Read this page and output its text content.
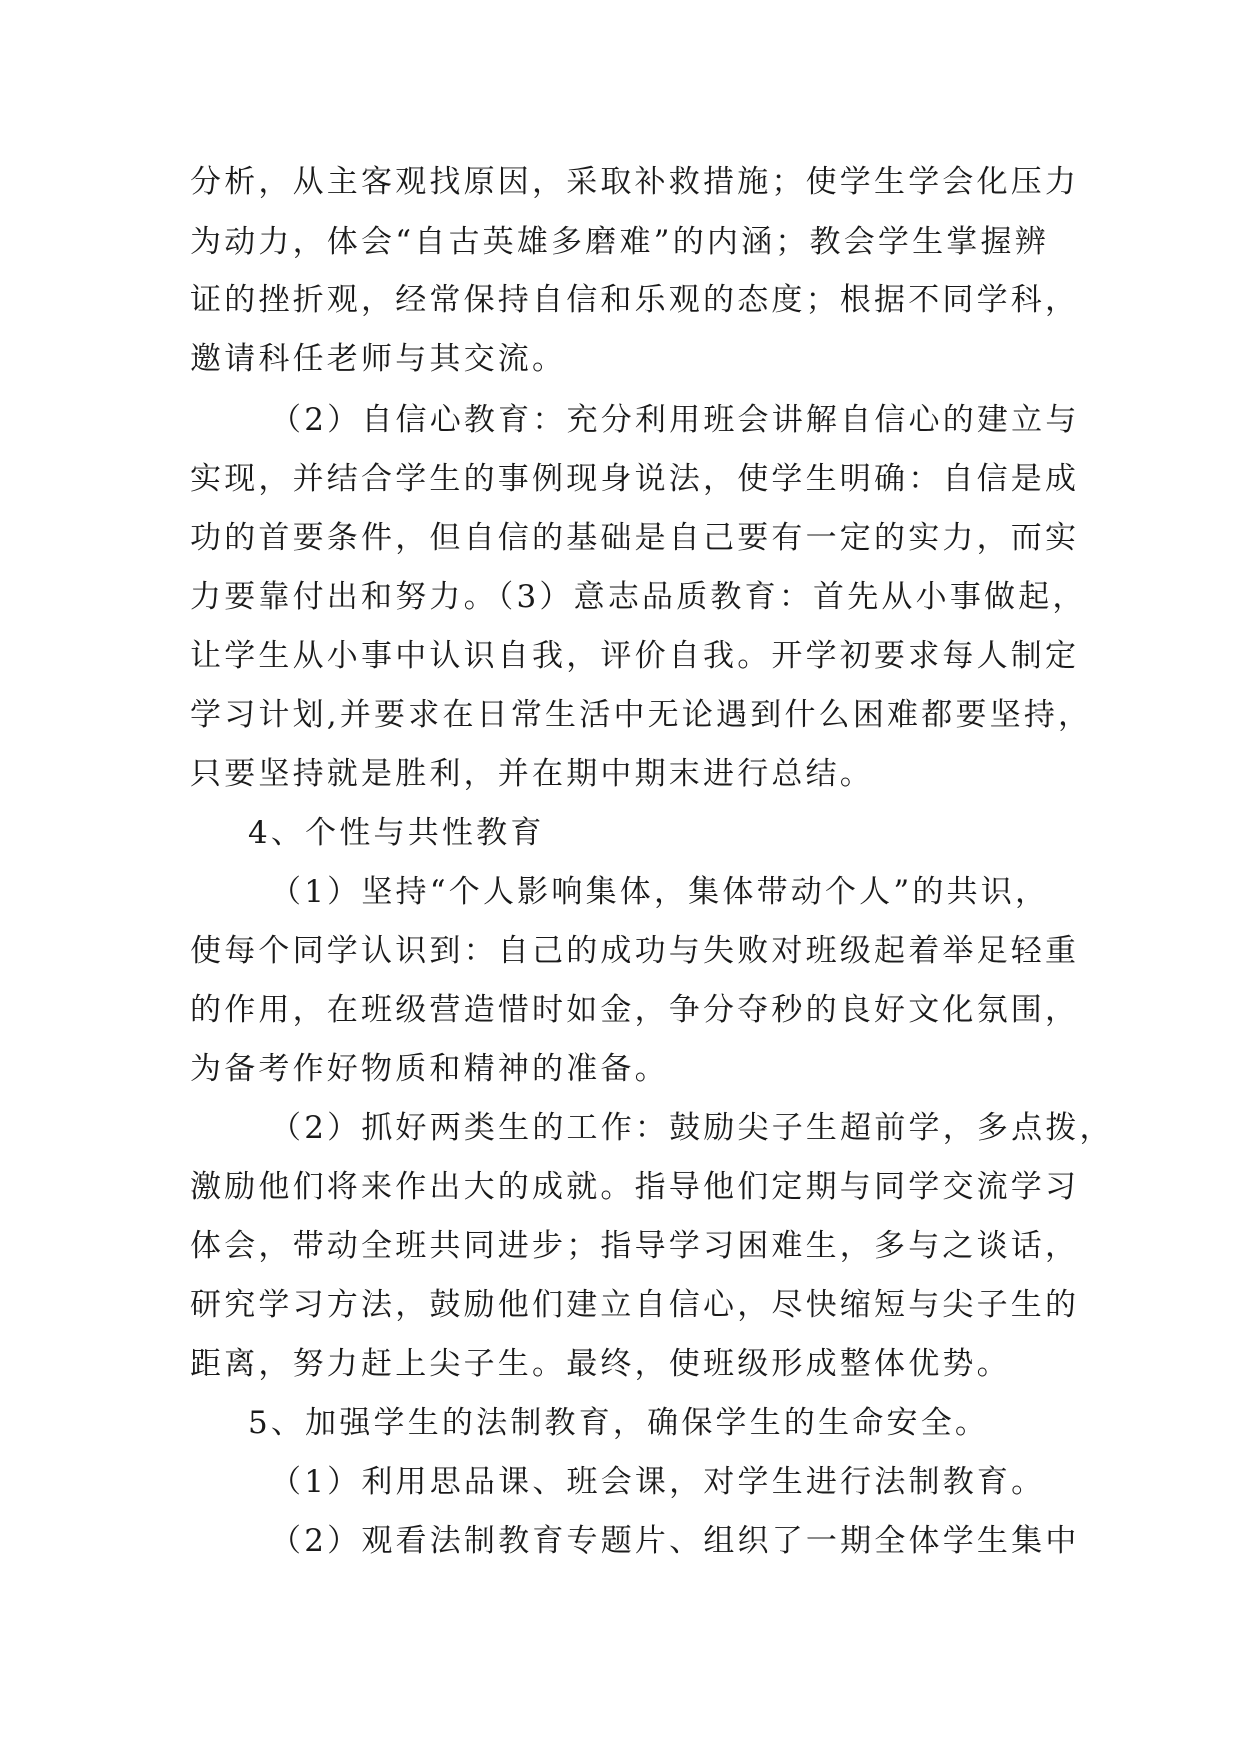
分析，从主客观找原因，采取补救措施；使学生学会化压力
为动力，体会“自古英雄多磨难”的内涵；教会学生掌握辨
证的挫折观，经常保持自信和乐观的态度；根据不同学科，
邀请科任老师与其交流。
（2）自信心教育：充分利用班会讲解自信心的建立与
实现，并结合学生的事例现身说法，使学生明确：自信是成
功的首要条件，但自信的基础是自己要有一定的实力，而实
力要靠付出和努力。（3）意志品质教育：首先从小事做起，
让学生从小事中认识自我，评价自我。开学初要求每人制定
学习计划,并要求在日常生活中无论遇到什么困难都要坚持，
只要坚持就是胜利，并在期中期末进行总结。
4、个性与共性教育
（1）坚持“个人影响集体，集体带动个人”的共识，
使每个同学认识到：自己的成功与失败对班级起着举足轻重
的作用，在班级营造惜时如金，争分夺秒的良好文化氛围，
为备考作好物质和精神的准备。
（2）抓好两类生的工作：鼓励尖子生超前学，多点拨，
激励他们将来作出大的成就。指导他们定期与同学交流学习
体会，带动全班共同进步；指导学习困难生，多与之谈话，
研究学习方法，鼓励他们建立自信心，尽快缩短与尖子生的
距离，努力赶上尖子生。最终，使班级形成整体优势。
5、加强学生的法制教育，确保学生的生命安全。
（1）利用思品课、班会课，对学生进行法制教育。
（2）观看法制教育专题片、组织了一期全体学生集中
